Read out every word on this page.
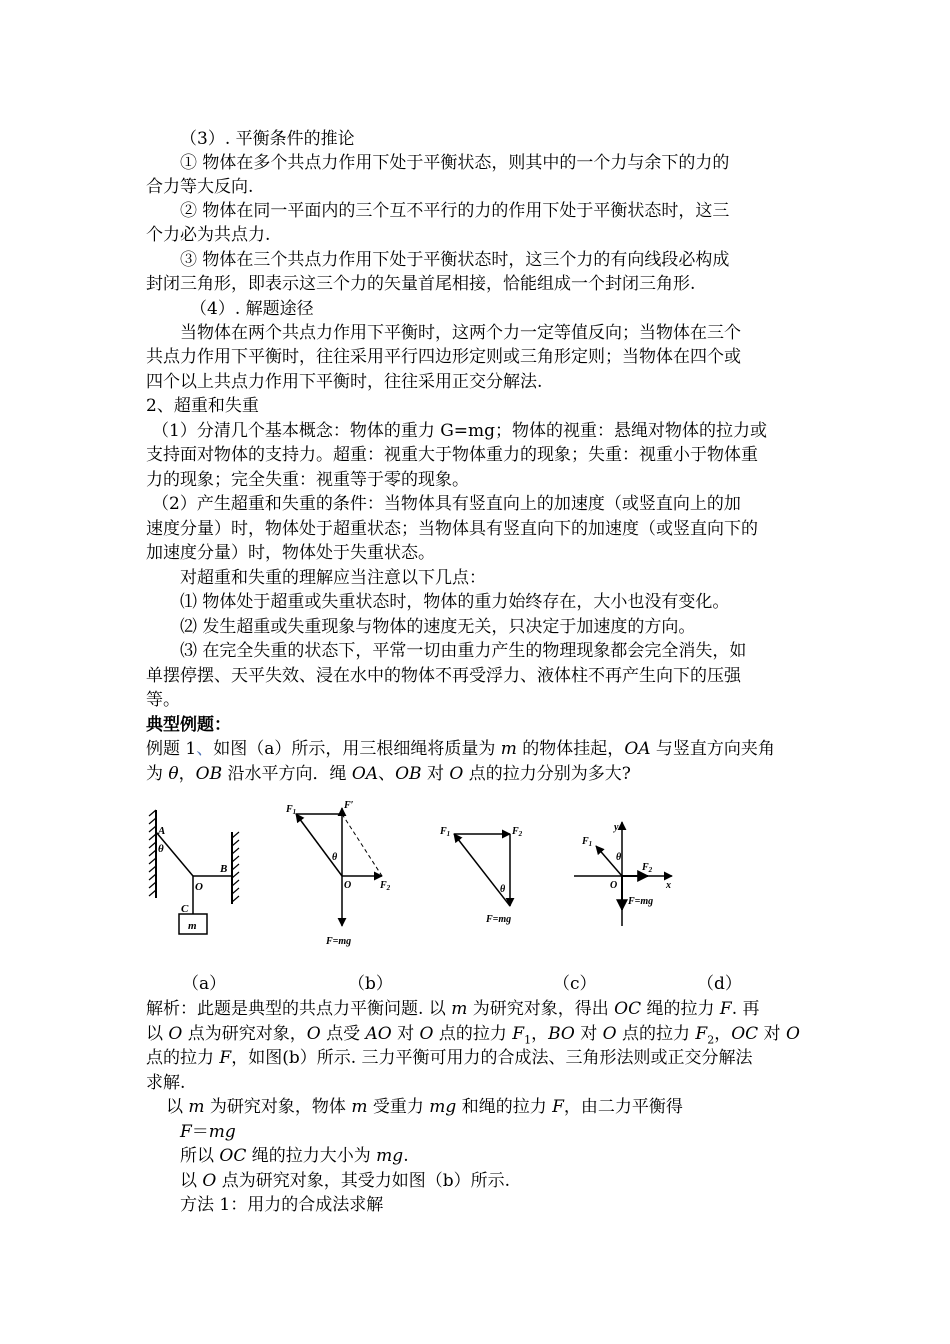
（3）. 平衡条件的推论
① 物体在多个共点力作用下处于平衡状态，则其中的一个力与余下的力的
合力等大反向.
② 物体在同一平面内的三个互不平行的力的作用下处于平衡状态时，这三
个力必为共点力.
③ 物体在三个共点力作用下处于平衡状态时，这三个力的有向线段必构成
封闭三角形，即表示这三个力的矢量首尾相接，恰能组成一个封闭三角形.
（4）. 解题途径
当物体在两个共点力作用下平衡时，这两个力一定等值反向；当物体在三个
共点力作用下平衡时，往往采用平行四边形定则或三角形定则；当物体在四个或
四个以上共点力作用下平衡时，往往采用正交分解法.
2、超重和失重
（1）分清几个基本概念：物体的重力 G=mg；物体的视重：悬绳对物体的拉力或
支持面对物体的支持力。超重：视重大于物体重力的现象；失重：视重小于物体重
力的现象；完全失重：视重等于零的现象。
（2）产生超重和失重的条件：当物体具有竖直向上的加速度（或竖直向上的加
速度分量）时，物体处于超重状态；当物体具有竖直向下的加速度（或竖直向下的
加速度分量）时，物体处于失重状态。
对超重和失重的理解应当注意以下几点：
⑴ 物体处于超重或失重状态时，物体的重力始终存在，大小也没有变化。
⑵ 发生超重或失重现象与物体的速度无关，只决定于加速度的方向。
⑶ 在完全失重的状态下，平常一切由重力产生的物理现象都会完全消失，如
单摆停摆、天平失效、浸在水中的物体不再受浮力、液体柱不再产生向下的压强
等。
典型例题：
例题 1、如图（a）所示，用三根细绳将质量为 m 的物体挂起，OA 与竖直方向夹角
为 θ，OB 沿水平方向．绳 OA、OB 对 O 点的拉力分别为多大?
A
θ
B
O
C
m
$F_1$
F′
θ
O	$F_2$
F=mg
$F_1$	$F_2$
θ
F=mg
y
$F_1$
θ
$F_2$
O	x
F=mg
（a）	（b）	（c）	（d）
解析：此题是典型的共点力平衡问题. 以 m 为研究对象，得出 OC 绳的拉力 F. 再
以 O 点为研究对象，O 点受 AO 对 O 点的拉力 $F_1$，BO 对 O 点的拉力 $F_2$，OC 对 O
点的拉力 F，如图(b）所示. 三力平衡可用力的合成法、三角形法则或正交分解法
求解.
以 m 为研究对象，物体 m 受重力 mg 和绳的拉力 F，由二力平衡得
F＝mg
所以 OC 绳的拉力大小为 mg.
以 O 点为研究对象，其受力如图（b）所示.
方法 1：用力的合成法求解
